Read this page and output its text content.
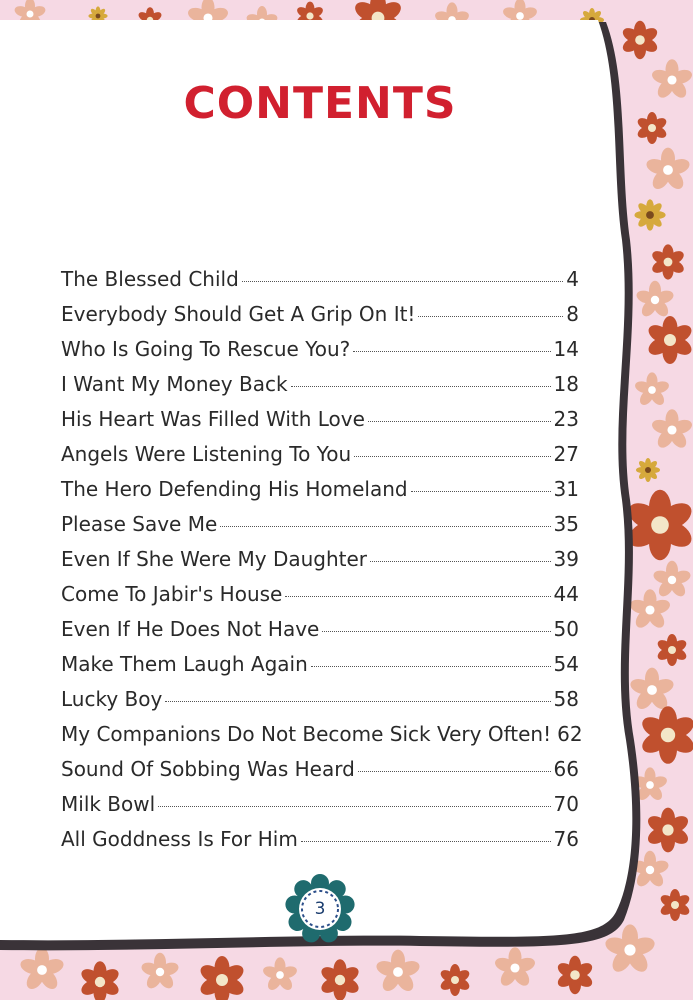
CONTENTS
The Blessed Child	4
Everybody Should Get A Grip On It!	8
Who Is Going To Rescue You?	14
I Want My Money Back	18
His Heart Was Filled With Love	23
Angels Were Listening To You	27
The Hero Defending His Homeland	31
Please Save Me	35
Even If She Were My Daughter	39
Come To Jabir's House	44
Even If He Does Not Have	50
Make Them Laugh Again	54
Lucky Boy	58
My Companions Do Not Become Sick Very Often! 62
Sound Of Sobbing Was Heard	66
Milk Bowl	70
All Goddness Is For Him	76
3
